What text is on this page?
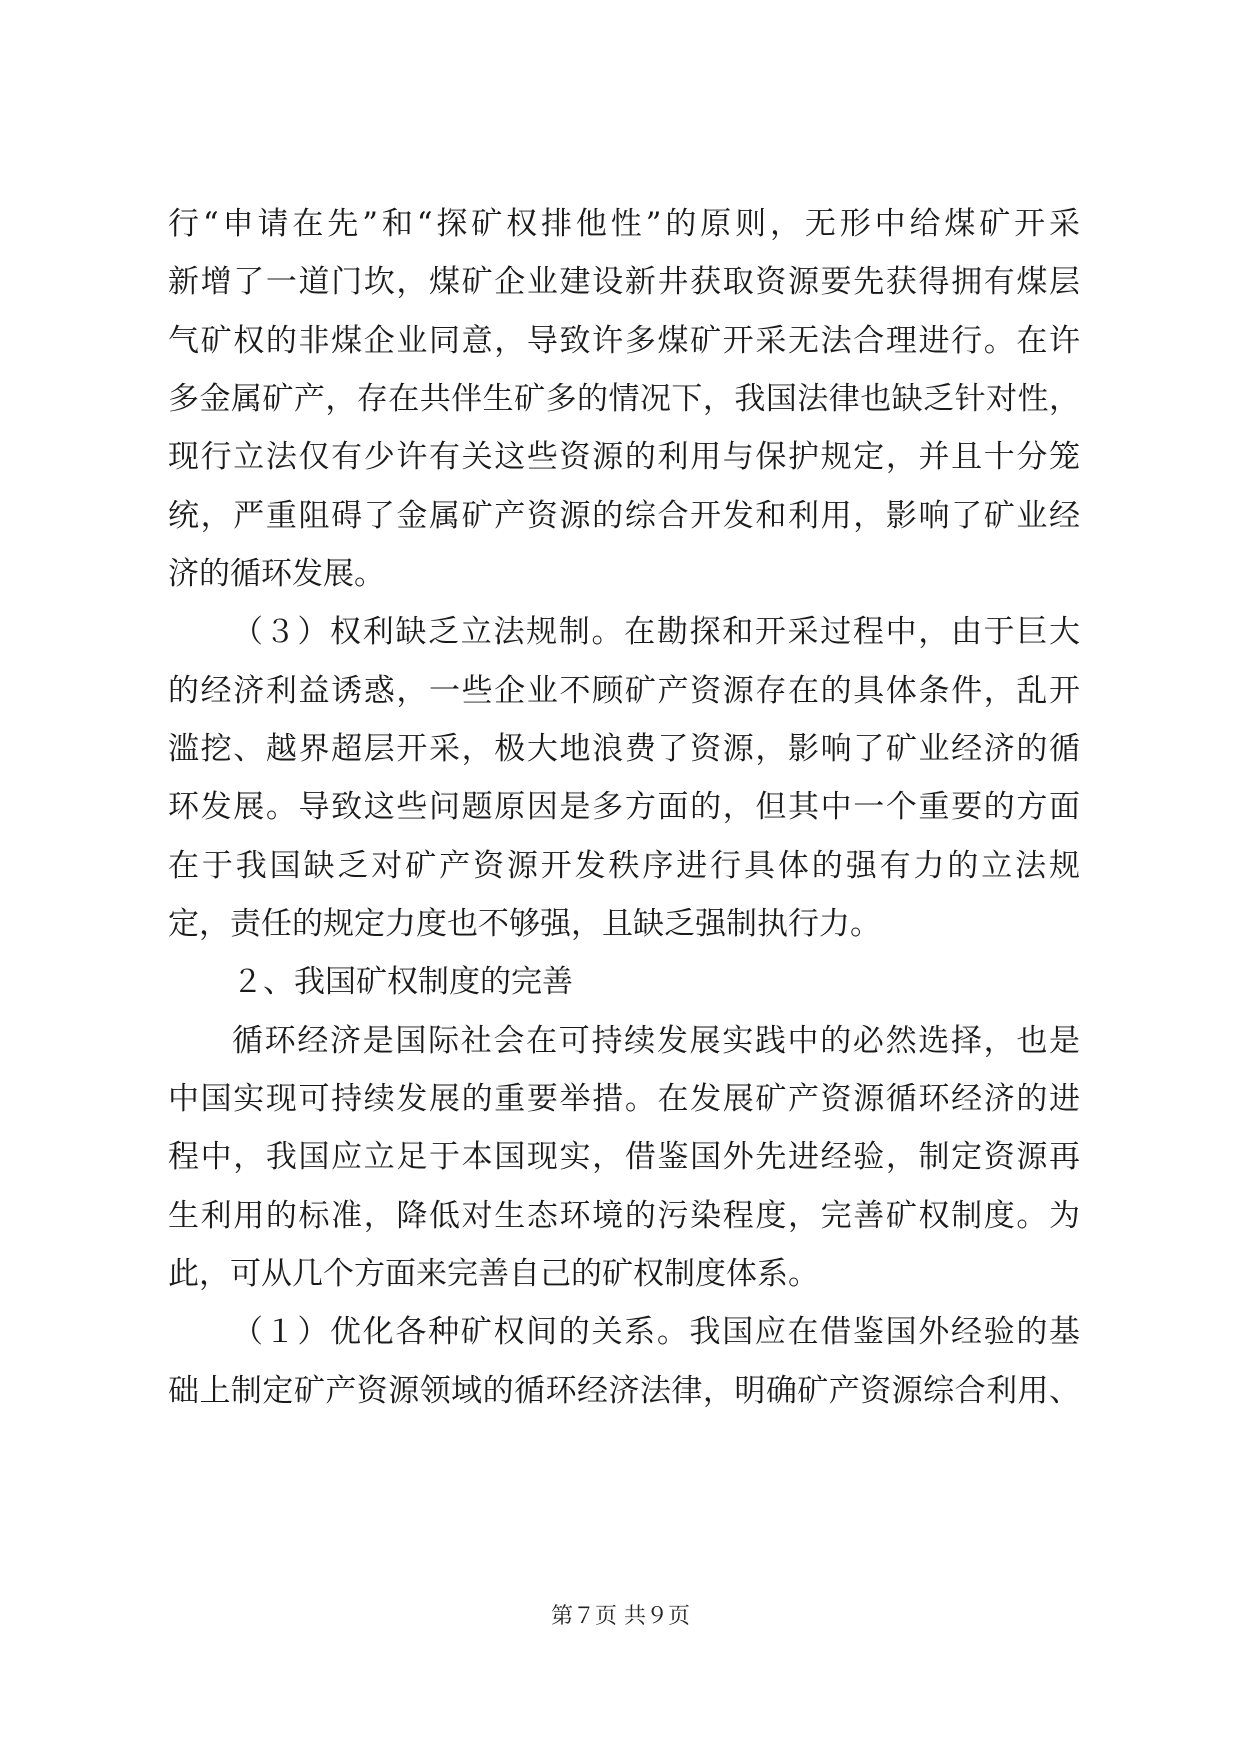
行“申请在先”和“探矿权排他性”的原则，无形中给煤矿开采
新增了一道门坎，煤矿企业建设新井获取资源要先获得拥有煤层
气矿权的非煤企业同意，导致许多煤矿开采无法合理进行。在许
多金属矿产，存在共伴生矿多的情况下，我国法律也缺乏针对性，
现行立法仅有少许有关这些资源的利用与保护规定，并且十分笼
统，严重阻碍了金属矿产资源的综合开发和利用，影响了矿业经
济的循环发展。
（３）权利缺乏立法规制。在勘探和开采过程中，由于巨大
的经济利益诱惑，一些企业不顾矿产资源存在的具体条件，乱开
滥挖、越界超层开采，极大地浪费了资源，影响了矿业经济的循
环发展。导致这些问题原因是多方面的，但其中一个重要的方面
在于我国缺乏对矿产资源开发秩序进行具体的强有力的立法规
定，责任的规定力度也不够强，且缺乏强制执行力。
２、我国矿权制度的完善
循环经济是国际社会在可持续发展实践中的必然选择，也是
中国实现可持续发展的重要举措。在发展矿产资源循环经济的进
程中，我国应立足于本国现实，借鉴国外先进经验，制定资源再
生利用的标准，降低对生态环境的污染程度，完善矿权制度。为
此，可从几个方面来完善自己的矿权制度体系。
（１）优化各种矿权间的关系。我国应在借鉴国外经验的基
础上制定矿产资源领域的循环经济法律，明确矿产资源综合利用、
第７页 共９页
